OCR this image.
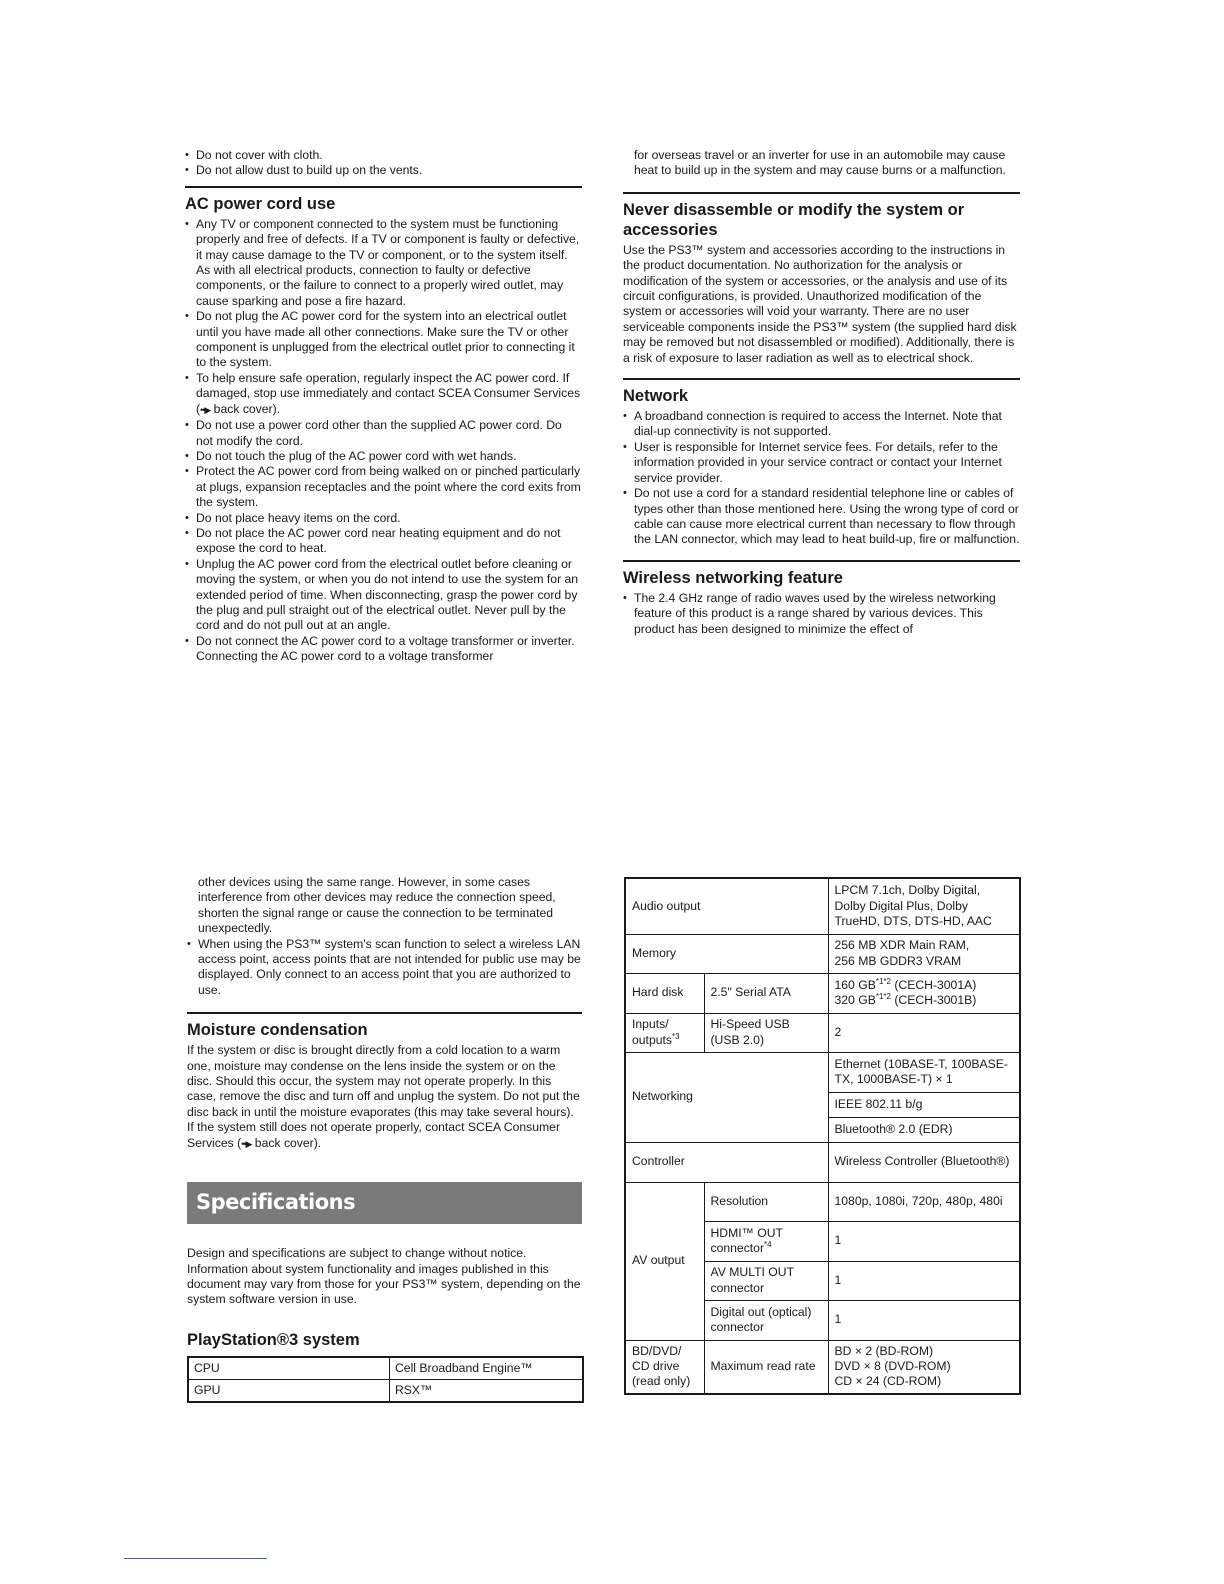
• Do not cover with cloth.
• Do not allow dust to build up on the vents.
AC power cord use
• Any TV or component connected to the system must be functioning properly and free of defects. If a TV or component is faulty or defective, it may cause damage to the TV or component, or to the system itself. As with all electrical products, connection to faulty or defective components, or the failure to connect to a properly wired outlet, may cause sparking and pose a fire hazard.
• Do not plug the AC power cord for the system into an electrical outlet until you have made all other connections. Make sure the TV or other component is unplugged from the electrical outlet prior to connecting it to the system.
• To help ensure safe operation, regularly inspect the AC power cord. If damaged, stop use immediately and contact SCEA Consumer Services (••▶ back cover).
• Do not use a power cord other than the supplied AC power cord. Do not modify the cord.
• Do not touch the plug of the AC power cord with wet hands.
• Protect the AC power cord from being walked on or pinched particularly at plugs, expansion receptacles and the point where the cord exits from the system.
• Do not place heavy items on the cord.
• Do not place the AC power cord near heating equipment and do not expose the cord to heat.
• Unplug the AC power cord from the electrical outlet before cleaning or moving the system, or when you do not intend to use the system for an extended period of time. When disconnecting, grasp the power cord by the plug and pull straight out of the electrical outlet. Never pull by the cord and do not pull out at an angle.
• Do not connect the AC power cord to a voltage transformer or inverter. Connecting the AC power cord to a voltage transformer

for overseas travel or an inverter for use in an automobile may cause heat to build up in the system and may cause burns or a malfunction.

Never disassemble or modify the system or accessories

Use the PS3™ system and accessories according to the instructions in the product documentation. No authorization for the analysis or modification of the system or accessories, or the analysis and use of its circuit configurations, is provided. Unauthorized modification of the system or accessories will void your warranty. There are no user serviceable components inside the PS3™ system (the supplied hard disk may be removed but not disassembled or modified). Additionally, there is a risk of exposure to laser radiation as well as to electrical shock.

Network
• A broadband connection is required to access the Internet. Note that dial-up connectivity is not supported.
• User is responsible for Internet service fees. For details, refer to the information provided in your service contract or contact your Internet service provider.
• Do not use a cord for a standard residential telephone line or cables of types other than those mentioned here. Using the wrong type of cord or cable can cause more electrical current than necessary to flow through the LAN connector, which may lead to heat build-up, fire or malfunction.
Wireless networking feature
• The 2.4 GHz range of radio waves used by the wireless networking feature of this product is a range shared by various devices. This product has been designed to minimize the effect of

other devices using the same range. However, in some cases interference from other devices may reduce the connection speed, shorten the signal range or cause the connection to be terminated unexpectedly.

• When using the PS3™ system's scan function to select a wireless LAN access point, access points that are not intended for public use may be displayed. Only connect to an access point that you are authorized to use.
Moisture condensation

If the system or disc is brought directly from a cold location to a warm one, moisture may condense on the lens inside the system or on the disc. Should this occur, the system may not operate properly. In this case, remove the disc and turn off and unplug the system. Do not put the disc back in until the moisture evaporates (this may take several hours). If the system still does not operate properly, contact SCEA Consumer Services (••▶ back cover).

Specifications

Design and specifications are subject to change without notice. Information about system functionality and images published in this document may vary from those for your PS3™ system, depending on the system software version in use.

PlayStation®3 system
CPU	Cell Broadband Engine™
GPU	RSX™
Audio output		LPCM 7.1ch, Dolby Digital, Dolby Digital Plus, Dolby TrueHD, DTS, DTS-HD, AAC
Memory		256 MB XDR Main RAM,
256 MB GDDR3 VRAM

Hard disk	2.5" Serial ATA	160 $GB^{*1*2}$ (CECH-3001A)
320 $GB^{*1*2}$ (CECH-3001B)

Inputs/ outputs$^{*3}$	Hi-Speed USB (USB 2.0)	2
Networking		Ethernet (10BASE-T, 100BASE-TX, 1000BASE-T) × 1
		IEEE 802.11 b/g
		Bluetooth® 2.0 (EDR)
Controller		Wireless Controller (Bluetooth®)
AV output	Resolution	1080p, 1080i, 720p, 480p, 480i
	HDMI™ OUT connector$^{*4}$	1
	AV MULTI OUT connector	1
	Digital out (optical) connector	1
BD/DVD/ CD drive (read only)	Maximum read rate	BD × 2 (BD-ROM)
DVD × 8 (DVD-ROM)
CD × 24 (CD-ROM)
